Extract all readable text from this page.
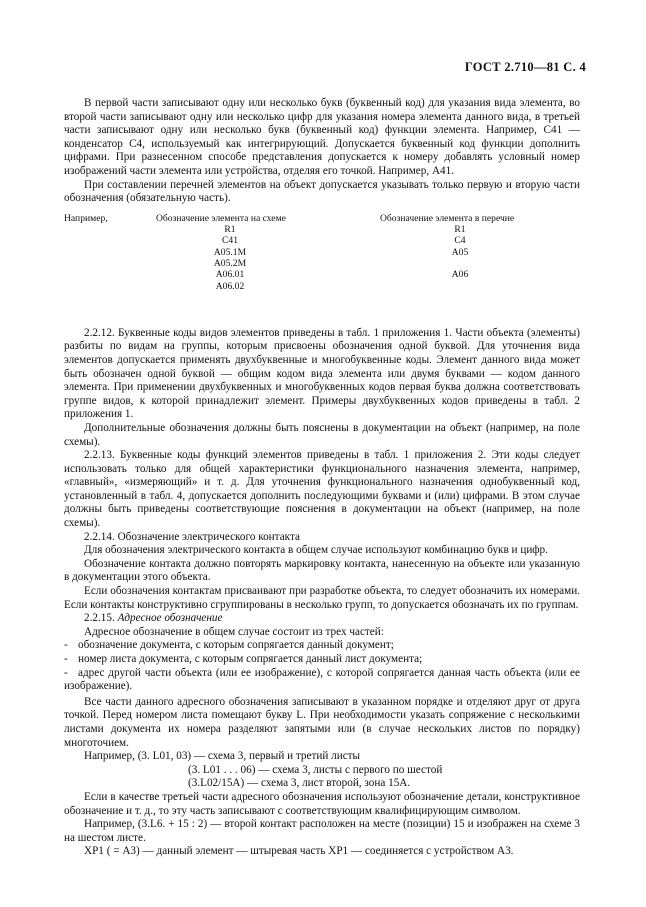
ГОСТ 2.710—81 С. 4

В первой части записывают одну или несколько букв (буквенный код) для указания вида элемента, во второй части записывают одну или несколько цифр для указания номера элемента данного вида, в третьей части записывают одну или несколько букв (буквенный код) функции элемента. Например, С41 — конденсатор С4, используемый как интегрирующий. Допускается буквенный код функции дополнить цифрами. При разнесенном способе представления допускается к номеру добавлять условный номер изображений части элемента или устройства, отделяя его точкой. Например, А41.

При составлении перечней элементов на объект допускается указывать только первую и вторую части обозначения (обязательную часть).

Например,	Обозначение элемента на схеме	Обозначение элемента в перечне
R1
C41
A05.1M
A05.2M
A06.01
A06.02
R1
C4
A05
A06

2.2.12. Буквенные коды видов элементов приведены в табл. 1 приложения 1. Части объекта (элементы) разбиты по видам на группы, которым присвоены обозначения одной буквой. Для уточнения вида элементов допускается применять двухбуквенные и многобуквенные коды. Элемент данного вида может быть обозначен одной буквой — общим кодом вида элемента или двумя буквами — кодом данного элемента. При применении двухбуквенных и многобуквенных кодов первая буква должна соответствовать группе видов, к которой принадлежит элемент. Примеры двухбуквенных кодов приведены в табл. 2 приложения 1.

Дополнительные обозначения должны быть пояснены в документации на объект (например, на поле схемы).

2.2.13. Буквенные коды функций элементов приведены в табл. 1 приложения 2. Эти коды следует использовать только для общей характеристики функционального назначения элемента, например, «главный», «измеряющий» и т. д. Для уточнения функционального назначения однобуквенный код, установленный в табл. 4, допускается дополнить последующими буквами и (или) цифрами. В этом случае должны быть приведены соответствующие пояснения в документации на объект (например, на поле схемы).

2.2.14. Обозначение электрического контакта

Для обозначения электрического контакта в общем случае используют комбинацию букв и цифр.

Обозначение контакта должно повторять маркировку контакта, нанесенную на объекте или указанную в документации этого объекта.

Если обозначения контактам присваивают при разработке объекта, то следует обозначить их номерами. Если контакты конструктивно сгруппированы в несколько групп, то допускается обозначать их по группам.

2.2.15. Адресное обозначение

Адресное обозначение в общем случае состоит из трех частей:

- обозначение документа, с которым сопрягается данный документ;

- номер листа документа, с которым сопрягается данный лист документа;

- адрес другой части объекта (или ее изображение), с которой сопрягается данная часть объекта (или ее изображение).

Все части данного адресного обозначения записывают в указанном порядке и отделяют друг от друга точкой. Перед номером листа помещают букву L. При необходимости указать сопряжение с несколькими листами документа их номера разделяют запятыми или (в случае нескольких листов по порядку) многоточием.

Например, (3. L01, 03) — схема 3, первый и третий листы
(3. L01 . . . 06) — схема 3, листы с первого по шестой
(3.L02/15A) — схема 3, лист второй, зона 15А.

Если в качестве третьей части адресного обозначения используют обозначение детали, конструктивное обозначение и т. д., то эту часть записывают с соответствующим квалифицирующим символом.

Например, (3.L6. + 15 : 2) — второй контакт расположен на месте (позиции) 15 и изображен на схеме 3 на шестом листе.

XP1 ( = А3) — данный элемент — штыревая часть XP1 — соединяется с устройством А3.
